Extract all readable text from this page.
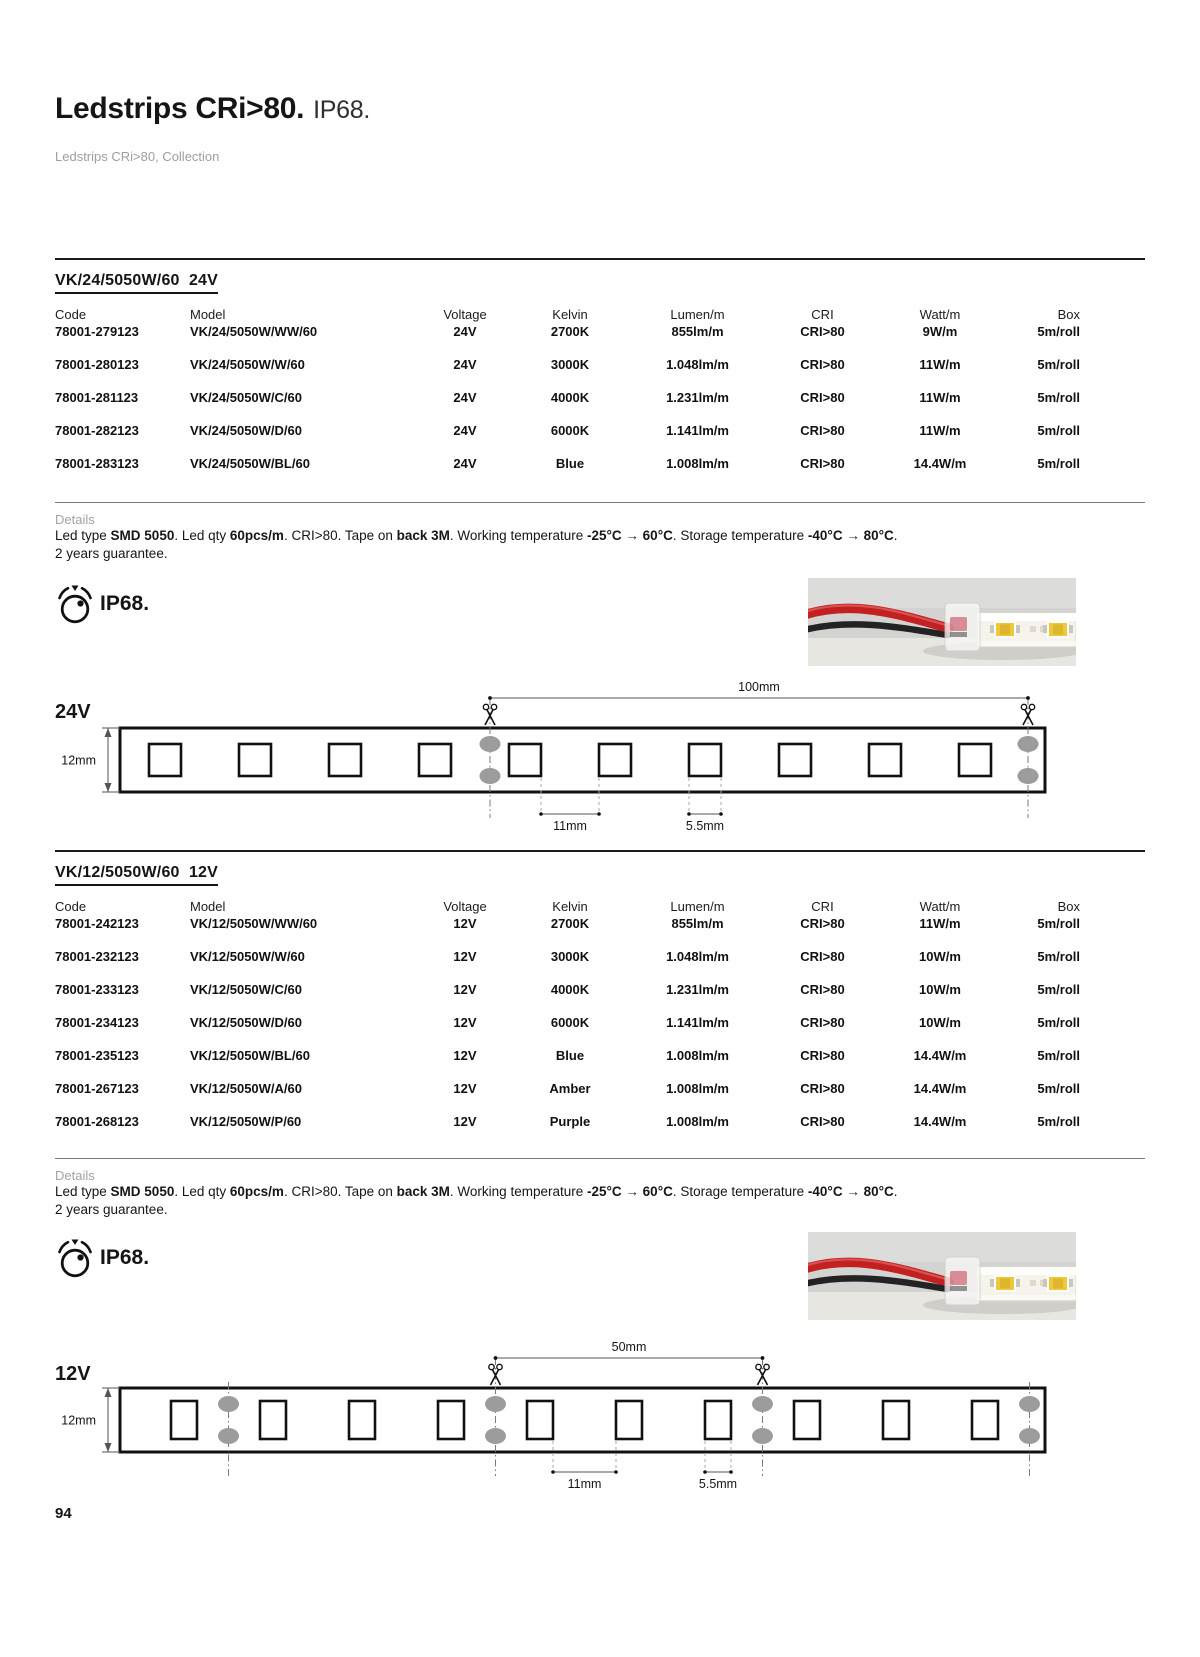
Ledstrips CRi>80. IP68.
Ledstrips CRi>80, Collection
VK/24/5050W/60  24V
Code	Model	Voltage	Kelvin	Lumen/m	CRI	Watt/m	Box
78001-279123	VK/24/5050W/WW/60	24V	2700K	855lm/m	CRI>80	9W/m	5m/roll
78001-280123	VK/24/5050W/W/60	24V	3000K	1.048lm/m	CRI>80	11W/m	5m/roll
78001-281123	VK/24/5050W/C/60	24V	4000K	1.231lm/m	CRI>80	11W/m	5m/roll
78001-282123	VK/24/5050W/D/60	24V	6000K	1.141lm/m	CRI>80	11W/m	5m/roll
78001-283123	VK/24/5050W/BL/60	24V	Blue	1.008lm/m	CRI>80	14.4W/m	5m/roll
Details
Led type SMD 5050. Led qty 60pcs/m. CRI>80. Tape on back 3M. Working temperature -25°C → 60°C. Storage temperature -40°C → 80°C.
2 years guarantee.
IP68.
100mm
24V
12mm
11mm	5.5mm
VK/12/5050W/60  12V
Code	Model	Voltage	Kelvin	Lumen/m	CRI	Watt/m	Box
78001-242123	VK/12/5050W/WW/60	12V	2700K	855lm/m	CRI>80	11W/m	5m/roll
78001-232123	VK/12/5050W/W/60	12V	3000K	1.048lm/m	CRI>80	10W/m	5m/roll
78001-233123	VK/12/5050W/C/60	12V	4000K	1.231lm/m	CRI>80	10W/m	5m/roll
78001-234123	VK/12/5050W/D/60	12V	6000K	1.141lm/m	CRI>80	10W/m	5m/roll
78001-235123	VK/12/5050W/BL/60	12V	Blue	1.008lm/m	CRI>80	14.4W/m	5m/roll
78001-267123	VK/12/5050W/A/60	12V	Amber	1.008lm/m	CRI>80	14.4W/m	5m/roll
78001-268123	VK/12/5050W/P/60	12V	Purple	1.008lm/m	CRI>80	14.4W/m	5m/roll
Details
Led type SMD 5050. Led qty 60pcs/m. CRI>80. Tape on back 3M. Working temperature -25°C → 60°C. Storage temperature -40°C → 80°C.
2 years guarantee.
IP68.
50mm
12V
12mm
11mm	5.5mm
94
